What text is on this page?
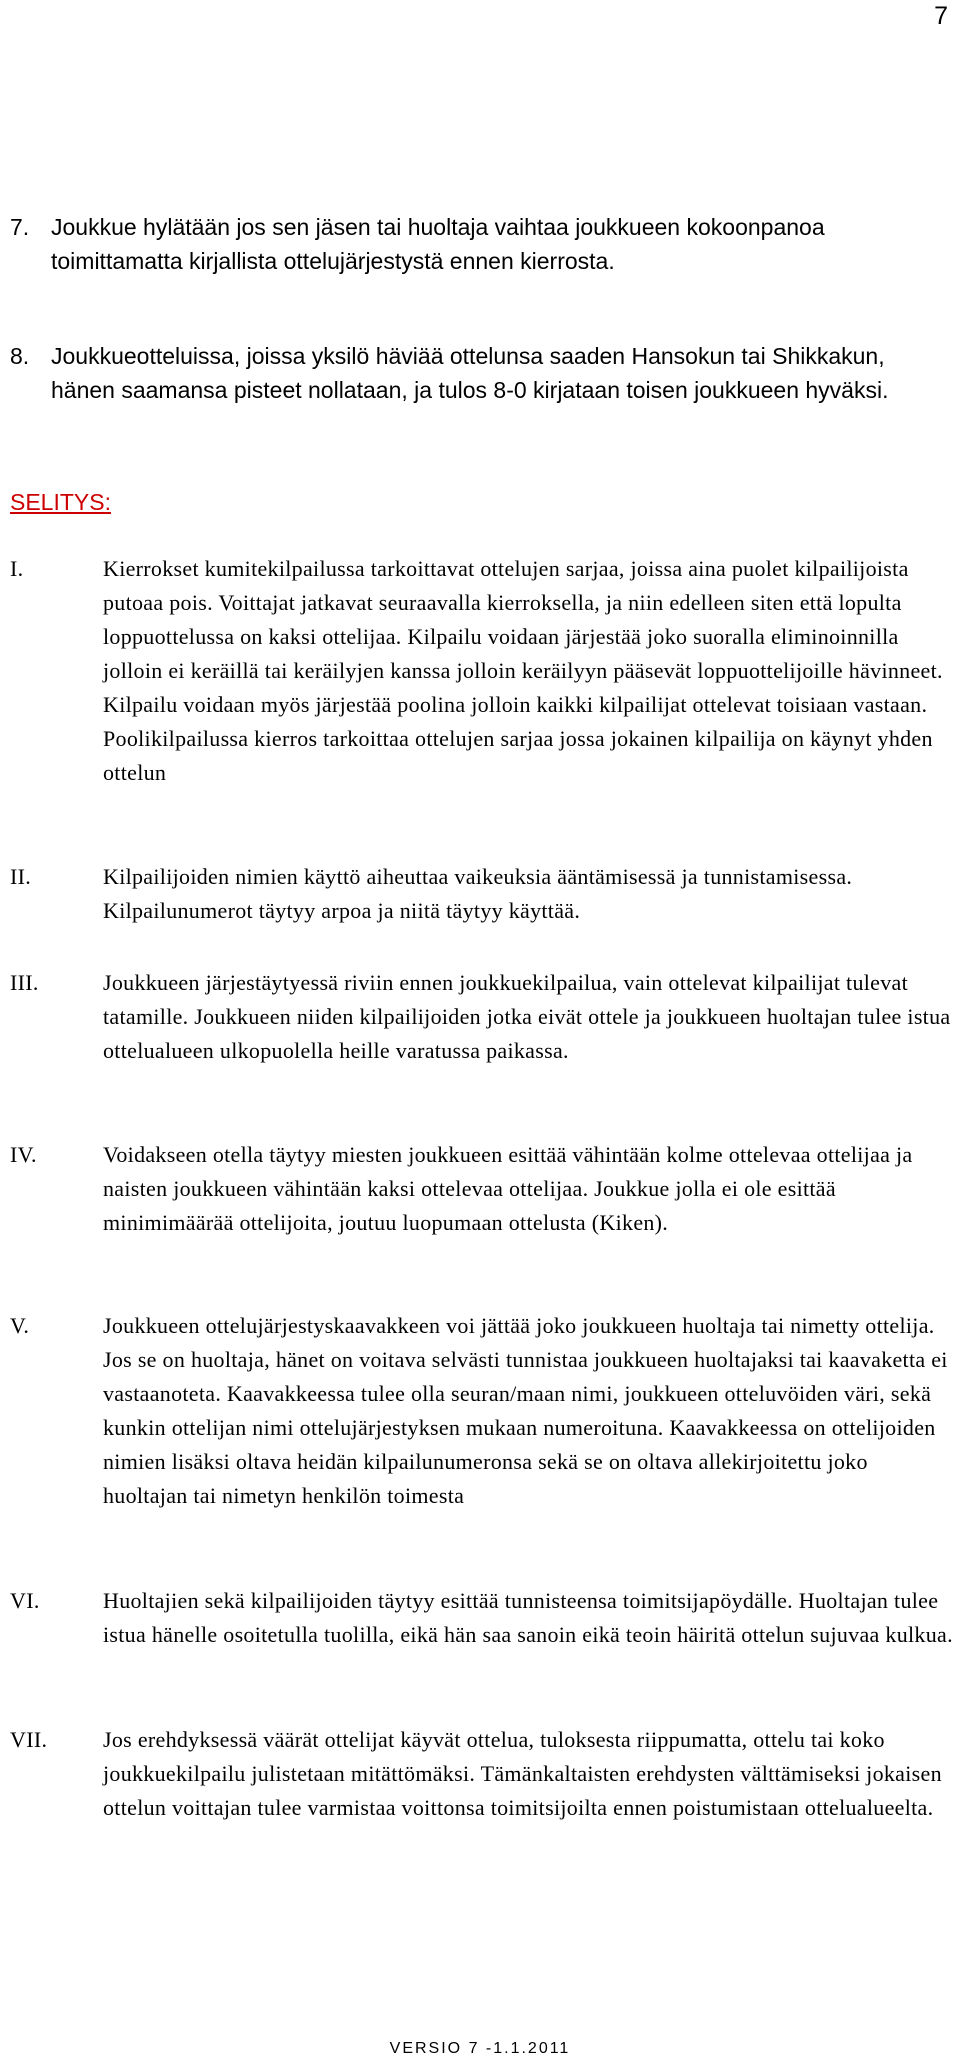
7
7. Joukkue hylätään jos sen jäsen tai huoltaja vaihtaa joukkueen kokoonpanoa toimittamatta kirjallista ottelujärjestystä ennen kierrosta.
8. Joukkueotteluissa, joissa yksilö häviää ottelunsa saaden Hansokun tai Shikkakun, hänen saamansa pisteet nollataan, ja tulos 8-0 kirjataan toisen joukkueen hyväksi.
SELITYS:
I.	Kierrokset kumitekilpailussa tarkoittavat ottelujen sarjaa, joissa aina puolet kilpailijoista putoaa pois. Voittajat jatkavat seuraavalla kierroksella, ja niin edelleen siten että lopulta loppuottelussa on kaksi ottelijaa. Kilpailu voidaan järjestää joko suoralla eliminoinnilla jolloin ei keräillä tai keräilyjen kanssa jolloin keräilyyn pääsevät loppuottelijoille hävinneet. Kilpailu voidaan myös järjestää poolina jolloin kaikki kilpailijat ottelevat toisiaan vastaan. Poolikilpailussa kierros tarkoittaa ottelujen sarjaa jossa jokainen kilpailija on käynyt yhden ottelun
II.	Kilpailijoiden nimien käyttö aiheuttaa vaikeuksia ääntämisessä ja tunnistamisessa. Kilpailunumerot täytyy arpoa ja niitä täytyy käyttää.
III.	Joukkueen järjestäytyessä riviin ennen joukkuekilpailua, vain ottelevat kilpailijat tulevat tatamille. Joukkueen niiden kilpailijoiden jotka eivät ottele ja joukkueen huoltajan tulee istua ottelualueen ulkopuolella heille varatussa paikassa.
IV.	Voidakseen otella täytyy miesten joukkueen esittää vähintään kolme ottelevaa ottelijaa ja naisten joukkueen vähintään kaksi ottelevaa ottelijaa. Joukkue jolla ei ole esittää minimimäärää ottelijoita, joutuu luopumaan ottelusta (Kiken).
V.	Joukkueen ottelujärjestyskaavakkeen voi jättää joko joukkueen huoltaja tai nimetty ottelija. Jos se on huoltaja, hänet on voitava selvästi tunnistaa joukkueen huoltajaksi tai kaavaketta ei vastaanoteta. Kaavakkeessa tulee olla seuran/maan nimi, joukkueen otteluvöiden väri, sekä kunkin ottelijan nimi ottelujärjestyksen mukaan numeroituna. Kaavakkeessa on ottelijoiden nimien lisäksi oltava heidän kilpailunumeronsa sekä se on oltava allekirjoitettu joko huoltajan tai nimetyn henkilön toimesta
VI.	Huoltajien sekä kilpailijoiden täytyy esittää tunnisteensa toimitsijapöydälle. Huoltajan tulee istua hänelle osoitetulla tuolilla, eikä hän saa sanoin eikä teoin häiritä ottelun sujuvaa kulkua.
VII.	Jos erehdyksessä väärät ottelijat käyvät ottelua, tuloksesta riippumatta, ottelu tai koko joukkuekilpailu julistetaan mitättömäksi. Tämänkaltaisten erehdysten välttämiseksi jokaisen ottelun voittajan tulee varmistaa voittonsa toimitsijoilta ennen poistumistaan ottelualueelta.
VERSIO 7 -1.1.2011
